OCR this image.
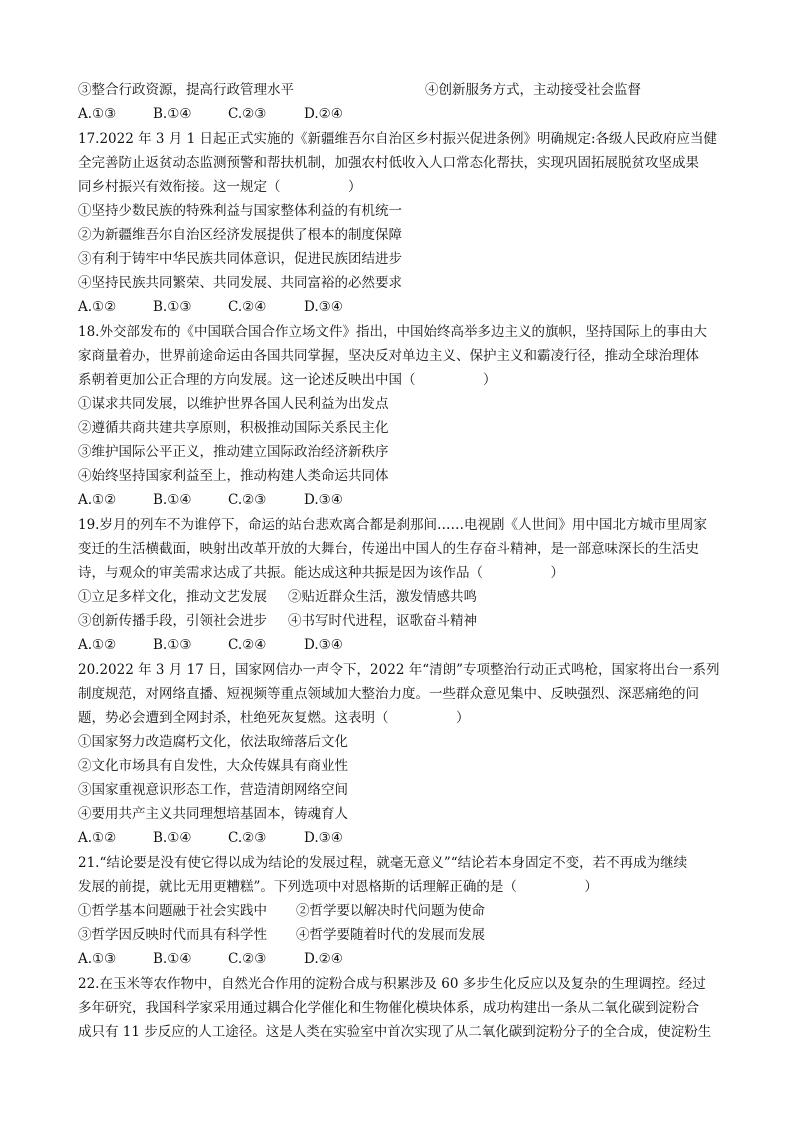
③整合行政资源，提高行政管理水平	④创新服务方式，主动接受社会监督
A.①③	B.①④	C.②③	D.②④
17.2022 年 3 月 1 日起正式实施的《新疆维吾尔自治区乡村振兴促进条例》明确规定:各级人民政府应当健
全完善防止返贫动态监测预警和帮扶机制，加强农村低收入人口常态化帮扶，实现巩固拓展脱贫攻坚成果
同乡村振兴有效衔接。这一规定（　　　　　）
①坚持少数民族的特殊利益与国家整体利益的有机统一
②为新疆维吾尔自治区经济发展提供了根本的制度保障
③有利于铸牢中华民族共同体意识，促进民族团结进步
④坚持民族共同繁荣、共同发展、共同富裕的必然要求
A.①②	B.①③	C.②④	D.③④
18.外交部发布的《中国联合国合作立场文件》指出，中国始终高举多边主义的旗帜，坚持国际上的事由大
家商量着办，世界前途命运由各国共同掌握，坚决反对单边主义、保护主义和霸凌行径，推动全球治理体
系朝着更加公正合理的方向发展。这一论述反映出中国（　　　　　）
①谋求共同发展，以维护世界各国人民利益为出发点
②遵循共商共建共享原则，积极推动国际关系民主化
③维护国际公平正义，推动建立国际政治经济新秩序
④始终坚持国家利益至上，推动构建人类命运共同体
A.①②	B.①④	C.②③	D.③④
19.岁月的列车不为谁停下，命运的站台悲欢离合都是刹那间……电视剧《人世间》用中国北方城市里周家
变迁的生活横截面，映射出改革开放的大舞台，传递出中国人的生存奋斗精神，是一部意味深长的生活史
诗，与观众的审美需求达成了共振。能达成这种共振是因为该作品（　　　　　）
①立足多样文化，推动文艺发展 ②贴近群众生活，激发情感共鸣
③创新传播手段，引领社会进步 ④书写时代进程，讴歌奋斗精神
A.①②	B.①③	C.②④	D.③④
20.2022 年 3 月 17 日，国家网信办一声令下，2022 年“清朗”专项整治行动正式鸣枪，国家将出台一系列
制度规范，对网络直播、短视频等重点领域加大整治力度。一些群众意见集中、反映强烈、深恶痛绝的问
题，势必会遭到全网封杀，杜绝死灰复燃。这表明（　　　　　）
①国家努力改造腐朽文化，依法取缔落后文化
②文化市场具有自发性，大众传媒具有商业性
③国家重视意识形态工作，营造清朗网络空间
④要用共产主义共同理想培基固本，铸魂育人
A.①②	B.①④	C.②③	D.③④
21.“结论要是没有使它得以成为结论的发展过程，就毫无意义”“结论若本身固定不变，若不再成为继续
发展的前提，就比无用更糟糕”。下列选项中对恩格斯的话理解正确的是（　　　　　）
①哲学基本问题融于社会实践中 ②哲学要以解决时代问题为使命
③哲学因反映时代而具有科学性 ④哲学要随着时代的发展而发展
A.①③	B.①④	C.②③	D.②④
22.在玉米等农作物中，自然光合作用的淀粉合成与积累涉及 60 多步生化反应以及复杂的生理调控。经过
多年研究，我国科学家采用通过耦合化学催化和生物催化模块体系，成功构建出一条从二氧化碳到淀粉合
成只有 11 步反应的人工途径。这是人类在实验室中首次实现了从二氧化碳到淀粉分子的全合成，使淀粉生
